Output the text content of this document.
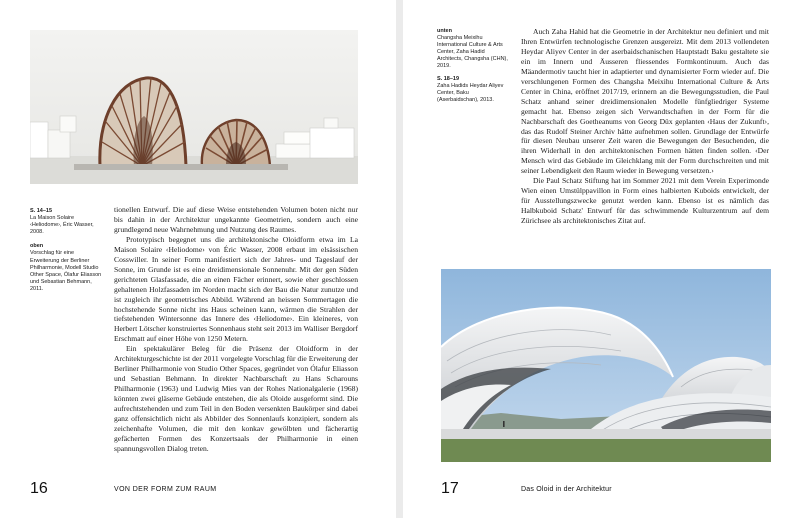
S. 14–15
La Maison Solaire ‹Heliodome›, Éric Wasser, 2008.
oben
Vorschlag für eine Erweiterung der Berliner Philharmonie, Modell Studio Other Space, Ólafur Eliasson und Sebastian Behmann, 2011.

tionellen Entwurf. Die auf diese Weise entstehenden Volumen boten nicht nur bis dahin in der Architektur ungekannte Geometrien, sondern auch eine grundlegend neue Wahrnehmung und Nutzung des Raumes.

Prototypisch begegnet uns die architektonische Oloidform etwa im La Maison Solaire ‹Heliodome› von Éric Wasser, 2008 erbaut im elsässischen Cosswiller. In seiner Form manifestiert sich der Jahres- und Tageslauf der Sonne, im Grunde ist es eine dreidimensionale Sonnenuhr. Mit der gen Süden gerichteten Glasfassade, die an einen Fächer erinnert, sowie eher geschlossen gehaltenen Holzfassaden im Norden macht sich der Bau die Natur zunutze und ist zugleich ihr geometrisches Abbild. Während an heissen Sommertagen die hochstehende Sonne nicht ins Haus scheinen kann, wärmen die Strahlen der tiefstehenden Wintersonne das Innere des ‹Heliodome›. Ein kleineres, von Herbert Lötscher konstruiertes Sonnenhaus steht seit 2013 im Walliser Bergdorf Erschmatt auf einer Höhe von 1250 Metern.

Ein spektakulärer Beleg für die Präsenz der Oloidform in der Architekturgeschichte ist der 2011 vorgelegte Vorschlag für die Erweiterung der Berliner Philharmonie von Studio Other Spaces, gegründet von Ólafur Eliasson und Sebastian Behmann. In direkter Nachbarschaft zu Hans Scharouns Philharmonie (1963) und Ludwig Mies van der Rohes Nationalgalerie (1968) könnten zwei gläserne Gebäude entstehen, die als Oloide ausgeformt sind. Die aufrechtstehenden und zum Teil in den Boden versenkten Baukörper sind dabei ganz offensichtlich nicht als Abbilder des Sonnenlaufs konzipiert, sondern als zeichenhafte Volumen, die mit den konkav gewölbten und fächerartig gefächerten Formen des Konzertsaals der Philharmonie in einen spannungsvollen Dialog treten.

16	VON DER FORM ZUM RAUM
unten
Changsha Meixihu International Culture & Arts Center, Zaha Hadid Architects, Changsha (CHN), 2019.
S. 18–19
Zaha Hadids Heydar Aliyev Center, Baku (Aserbaidschan), 2013.

Auch Zaha Hahid hat die Geometrie in der Architektur neu definiert und mit Ihren Entwürfen technologische Grenzen ausgereizt. Mit dem 2013 vollendeten Heydar Aliyev Center in der aserbaidschanischen Hauptstadt Baku gestaltete sie ein im Innern und Äusseren fliessendes Formkontinuum. Auch das Mäandermotiv taucht hier in adaptierter und dynamisierter Form wieder auf. Die verschlungenen Formen des Changsha Meixihu International Culture & Arts Center in China, eröffnet 2017/19, erinnern an die Bewegungsstudien, die Paul Schatz anhand seiner dreidimensionalen Modelle fünfgliedriger Systeme gemacht hat. Ebenso zeigen sich Verwandtschaften in der Form für die Nachbarschaft des Goetheanums von Georg Düx geplanten ‹Haus der Zukunft›, das das Rudolf Steiner Archiv hätte aufnehmen sollen. Grundlage der Entwürfe für diesen Neubau unserer Zeit waren die Bewegungen der Besuchenden, die ihren Widerhall in den architektonischen Formen hätten finden sollen. ‹Der Mensch wird das Gebäude im Gleichklang mit der Form durchschreiten und mit seiner Lebendigkeit den Raum wieder in Bewegung versetzen.›

Die Paul Schatz Stiftung hat im Sommer 2021 mit dem Verein Experimonde Wien einen Umstülppavillon in Form eines halbierten Kuboids entwickelt, der für Ausstellungszwecke genutzt werden kann. Ebenso ist es nämlich das Halbkuboid Schatz' Entwurf für das schwimmende Kulturzentrum auf dem Zürichsee als architektonisches Zitat auf.

17	Das Oloid in der Architektur
